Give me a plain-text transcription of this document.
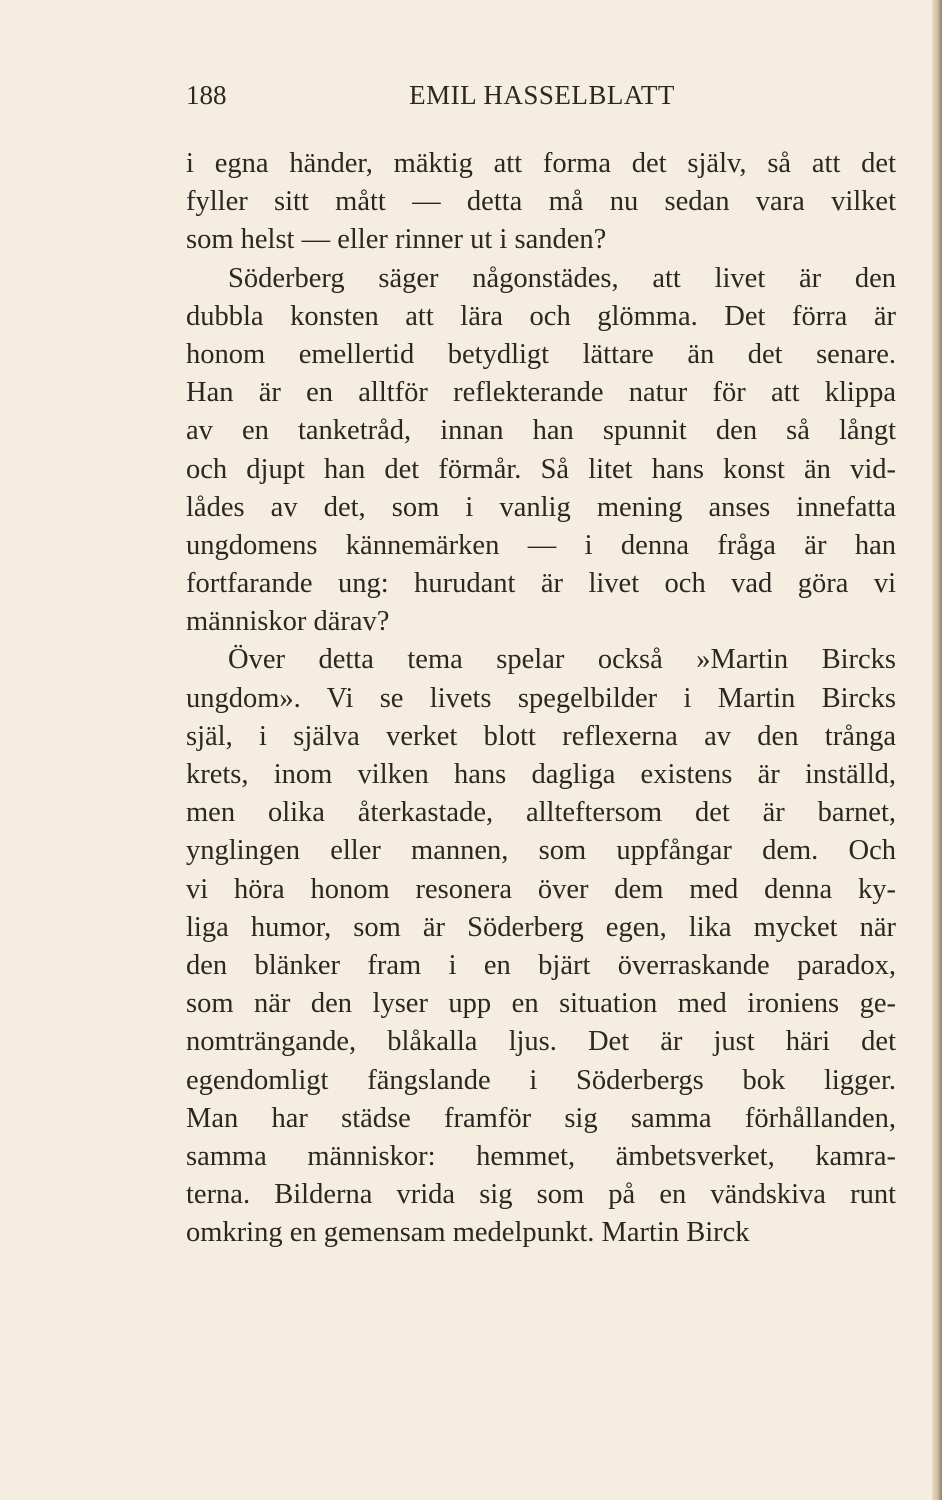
188	EMIL HASSELBLATT
i egna händer, mäktig att forma det själv, så att det
fyller sitt mått — detta må nu sedan vara vilket
som helst — eller rinner ut i sanden?
Söderberg säger någonstädes, att livet är den
dubbla konsten att lära och glömma. Det förra är
honom emellertid betydligt lättare än det senare.
Han är en alltför reflekterande natur för att klippa
av en tanketråd, innan han spunnit den så långt
och djupt han det förmår. Så litet hans konst än vid-
lådes av det, som i vanlig mening anses innefatta
ungdomens kännemärken — i denna fråga är han
fortfarande ung: hurudant är livet och vad göra vi
människor därav?
Över detta tema spelar också »Martin Bircks
ungdom». Vi se livets spegelbilder i Martin Bircks
själ, i själva verket blott reflexerna av den trånga
krets, inom vilken hans dagliga existens är inställd,
men olika återkastade, allteftersom det är barnet,
ynglingen eller mannen, som uppfångar dem. Och
vi höra honom resonera över dem med denna ky-
liga humor, som är Söderberg egen, lika mycket när
den blänker fram i en bjärt överraskande paradox,
som när den lyser upp en situation med ironiens ge-
nomträngande, blåkalla ljus. Det är just häri det
egendomligt fängslande i Söderbergs bok ligger.
Man har städse framför sig samma förhållanden,
samma människor: hemmet, ämbetsverket, kamra-
terna. Bilderna vrida sig som på en vändskiva runt
omkring en gemensam medelpunkt. Martin Birck
